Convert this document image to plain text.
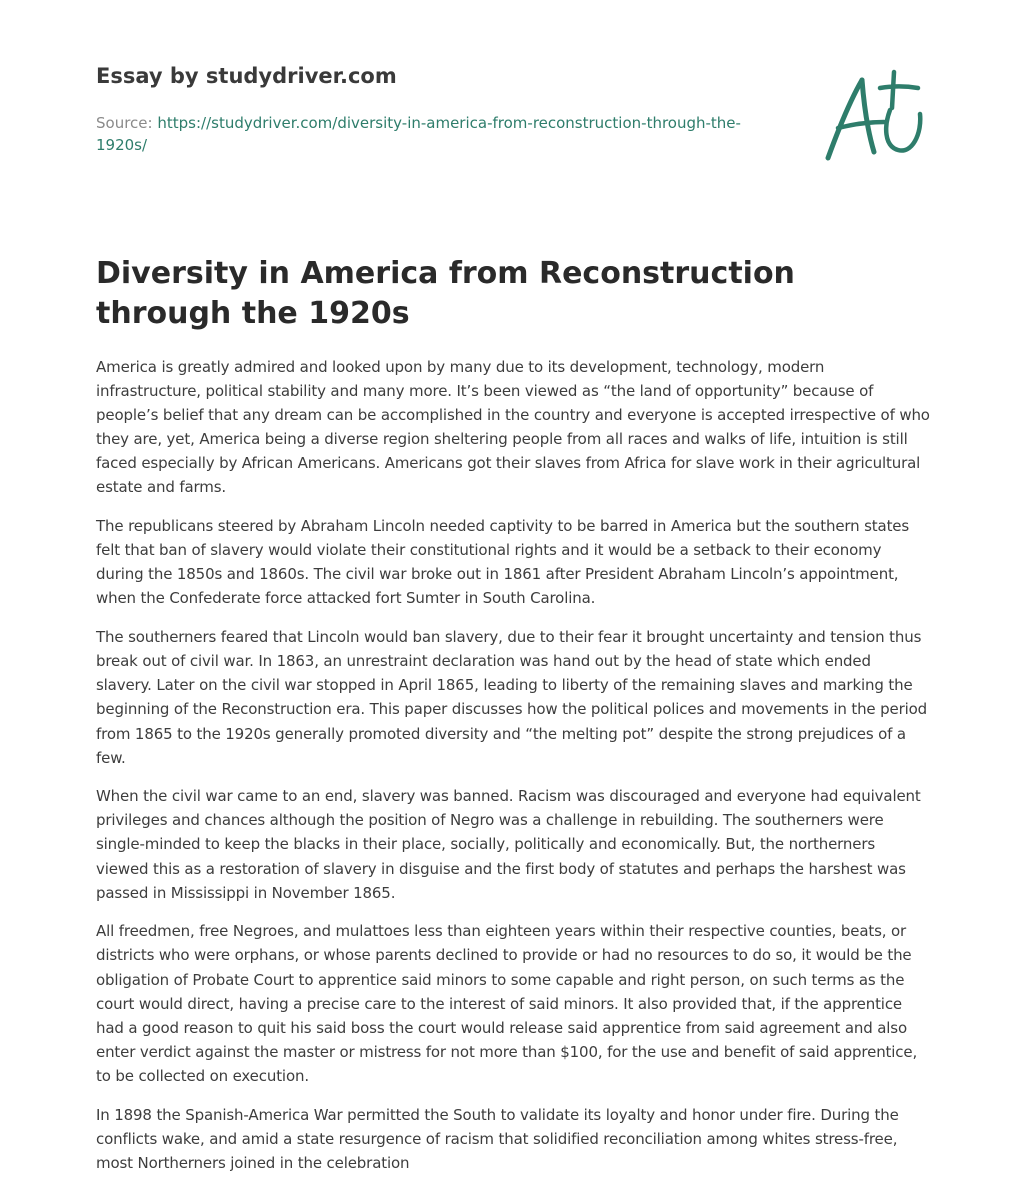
Essay by studydriver.com

Source: https://studydriver.com/diversity-in-america-from-reconstruction-through-the-1920s/

Diversity in America from Reconstruction through the 1920s

America is greatly admired and looked upon by many due to its development, technology, modern infrastructure, political stability and many more. It’s been viewed as “the land of opportunity” because of people’s belief that any dream can be accomplished in the country and everyone is accepted irrespective of who they are, yet, America being a diverse region sheltering people from all races and walks of life, intuition is still faced especially by African Americans. Americans got their slaves from Africa for slave work in their agricultural estate and farms.

The republicans steered by Abraham Lincoln needed captivity to be barred in America but the southern states felt that ban of slavery would violate their constitutional rights and it would be a setback to their economy during the 1850s and 1860s. The civil war broke out in 1861 after President Abraham Lincoln’s appointment, when the Confederate force attacked fort Sumter in South Carolina.

The southerners feared that Lincoln would ban slavery, due to their fear it brought uncertainty and tension thus break out of civil war. In 1863, an unrestraint declaration was hand out by the head of state which ended slavery. Later on the civil war stopped in April 1865, leading to liberty of the remaining slaves and marking the beginning of the Reconstruction era. This paper discusses how the political polices and movements in the period from 1865 to the 1920s generally promoted diversity and “the melting pot” despite the strong prejudices of a few.

When the civil war came to an end, slavery was banned. Racism was discouraged and everyone had equivalent privileges and chances although the position of Negro was a challenge in rebuilding. The southerners were single-minded to keep the blacks in their place, socially, politically and economically. But, the northerners viewed this as a restoration of slavery in disguise and the first body of statutes and perhaps the harshest was passed in Mississippi in November 1865.

All freedmen, free Negroes, and mulattoes less than eighteen years within their respective counties, beats, or districts who were orphans, or whose parents declined to provide or had no resources to do so, it would be the obligation of Probate Court to apprentice said minors to some capable and right person, on such terms as the court would direct, having a precise care to the interest of said minors. It also provided that, if the apprentice had a good reason to quit his said boss the court would release said apprentice from said agreement and also enter verdict against the master or mistress for not more than $100, for the use and benefit of said apprentice, to be collected on execution.

In 1898 the Spanish-America War permitted the South to validate its loyalty and honor under fire. During the conflicts wake, and amid a state resurgence of racism that solidified reconciliation among whites stress-free, most Northerners joined in the celebration
